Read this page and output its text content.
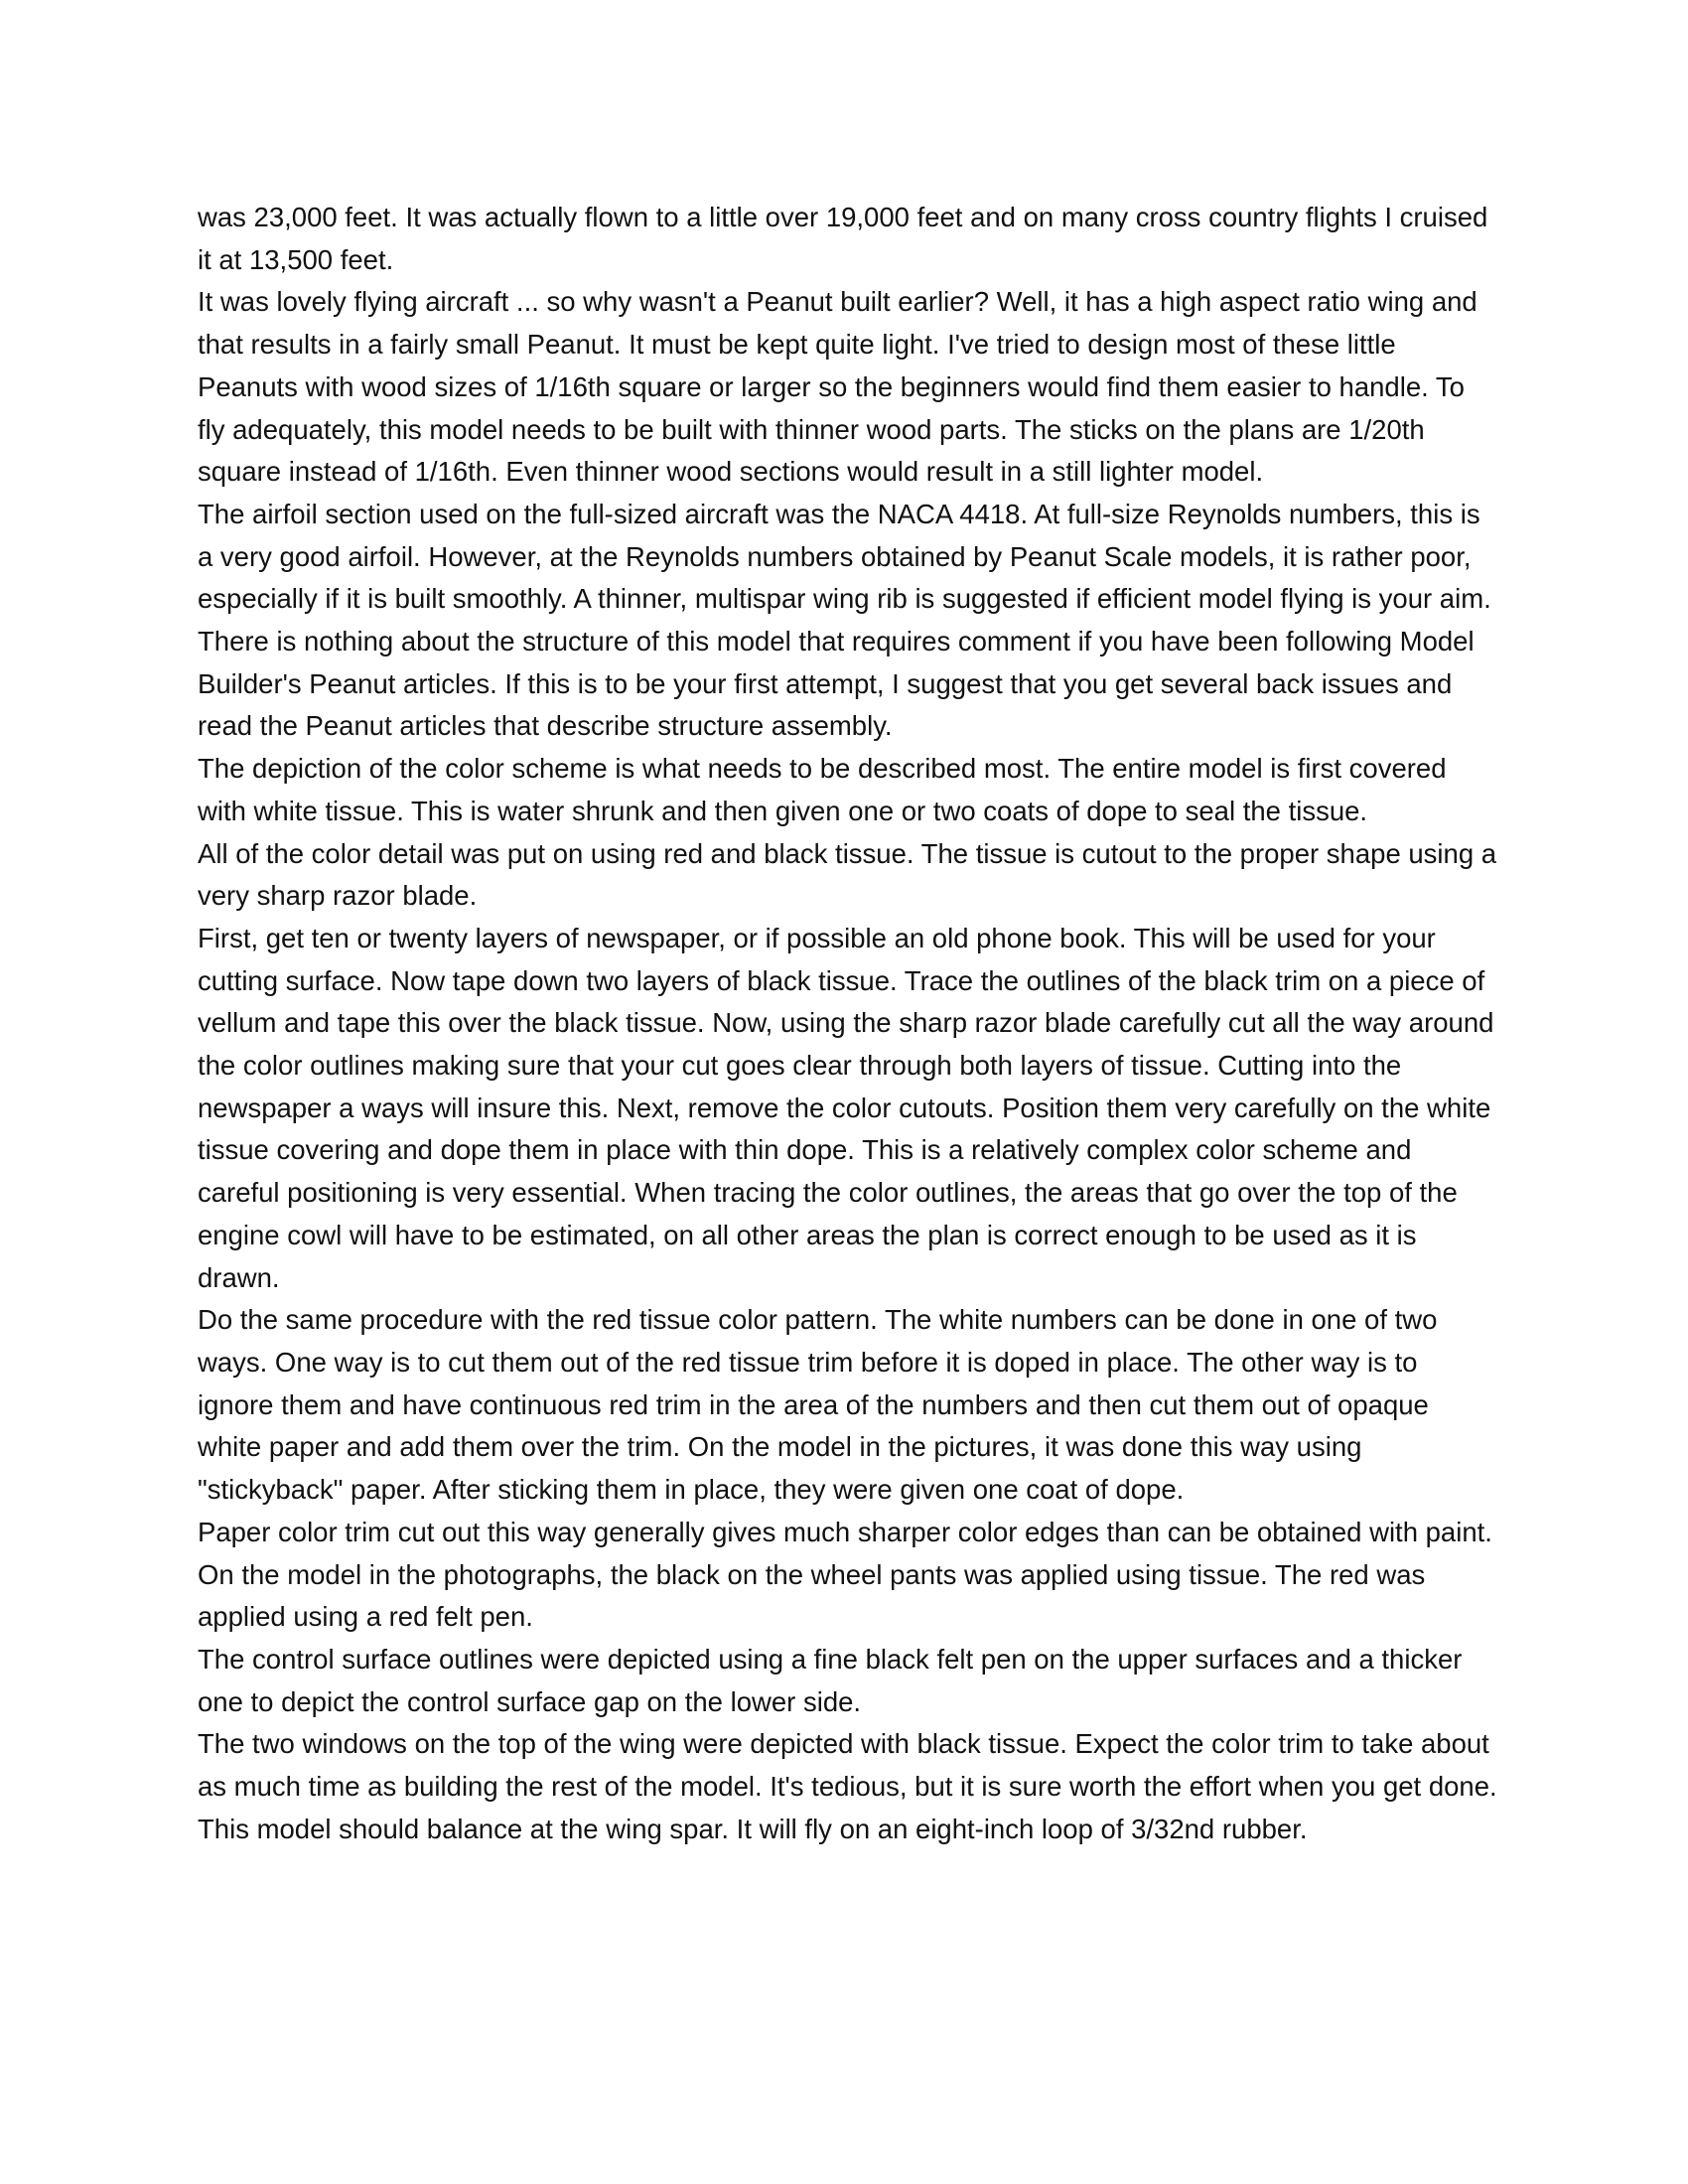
was 23,000 feet. It was actually flown to a little over 19,000 feet and on many cross country flights I cruised it at 13,500 feet.

It was lovely flying aircraft ... so why wasn't a Peanut built earlier? Well, it has a high aspect ratio wing and that results in a fairly small Peanut. It must be kept quite light. I've tried to design most of these little Peanuts with wood sizes of 1/16th square or larger so the beginners would find them easier to handle. To fly adequately, this model needs to be built with thinner wood parts. The sticks on the plans are 1/20th square instead of 1/16th. Even thinner wood sections would result in a still lighter model.

The airfoil section used on the full-sized aircraft was the NACA 4418. At full-size Reynolds numbers, this is a very good airfoil. However, at the Reynolds numbers obtained by Peanut Scale models, it is rather poor, especially if it is built smoothly. A thinner, multispar wing rib is suggested if efficient model flying is your aim.

There is nothing about the structure of this model that requires comment if you have been following Model Builder's Peanut articles. If this is to be your first attempt, I suggest that you get several back issues and read the Peanut articles that describe structure assembly.

The depiction of the color scheme is what needs to be described most. The entire model is first covered with white tissue. This is water shrunk and then given one or two coats of dope to seal the tissue.

All of the color detail was put on using red and black tissue. The tissue is cutout to the proper shape using a very sharp razor blade.

First, get ten or twenty layers of newspaper, or if possible an old phone book. This will be used for your cutting surface. Now tape down two layers of black tissue. Trace the outlines of the black trim on a piece of vellum and tape this over the black tissue. Now, using the sharp razor blade carefully cut all the way around the color outlines making sure that your cut goes clear through both layers of tissue. Cutting into the newspaper a ways will insure this. Next, remove the color cutouts. Position them very carefully on the white tissue covering and dope them in place with thin dope. This is a relatively complex color scheme and careful positioning is very essential. When tracing the color outlines, the areas that go over the top of the engine cowl will have to be estimated, on all other areas the plan is correct enough to be used as it is drawn.

Do the same procedure with the red tissue color pattern. The white numbers can be done in one of two ways. One way is to cut them out of the red tissue trim before it is doped in place. The other way is to ignore them and have continuous red trim in the area of the numbers and then cut them out of opaque white paper and add them over the trim. On the model in the pictures, it was done this way using "stickyback" paper. After sticking them in place, they were given one coat of dope.

Paper color trim cut out this way generally gives much sharper color edges than can be obtained with paint. On the model in the photographs, the black on the wheel pants was applied using tissue. The red was applied using a red felt pen.

The control surface outlines were depicted using a fine black felt pen on the upper surfaces and a thicker one to depict the control surface gap on the lower side.

The two windows on the top of the wing were depicted with black tissue. Expect the color trim to take about as much time as building the rest of the model. It's tedious, but it is sure worth the effort when you get done.

This model should balance at the wing spar. It will fly on an eight-inch loop of 3/32nd rubber.
